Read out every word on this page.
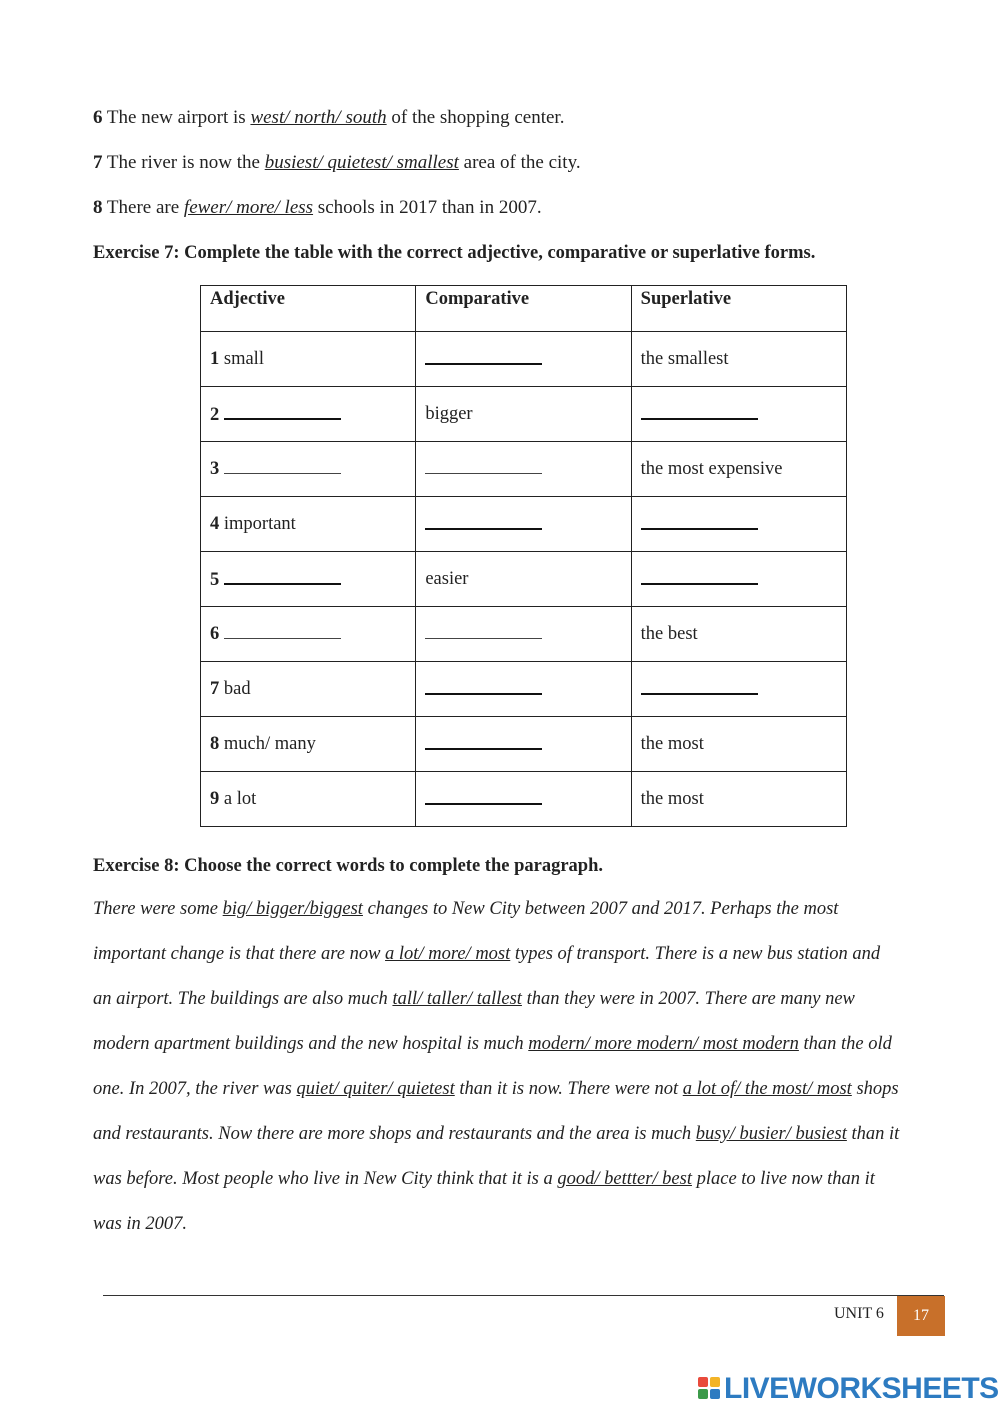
6 The new airport is west/ north/ south of the shopping center.
7 The river is now the busiest/ quietest/ smallest area of the city.
8 There are fewer/ more/ less schools in 2017 than in 2007.
Exercise 7: Complete the table with the correct adjective, comparative or superlative forms.
Adjective	Comparative	Superlative
1 small		the smallest
2	bigger	
3		the most expensive
4 important		
5	easier	
6		the best
7 bad		
8 much/ many		the most
9 a lot		the most
Exercise 8: Choose the correct words to complete the paragraph.
There were some big/ bigger/biggest changes to New City between 2007 and 2017. Perhaps the most
important change is that there are now a lot/ more/ most types of transport. There is a new bus station and
an airport. The buildings are also much tall/ taller/ tallest than they were in 2007. There are many new
modern apartment buildings and the new hospital is much modern/ more modern/ most modern than the old
one. In 2007, the river was quiet/ quiter/ quietest than it is now. There were not a lot of/ the most/ most shops
and restaurants. Now there are more shops and restaurants and the area is much busy/ busier/ busiest than it
was before. Most people who live in New City think that it is a good/ bettter/ best place to live now than it
was in 2007.
UNIT 6 17
LIVEWORKSHEETS
